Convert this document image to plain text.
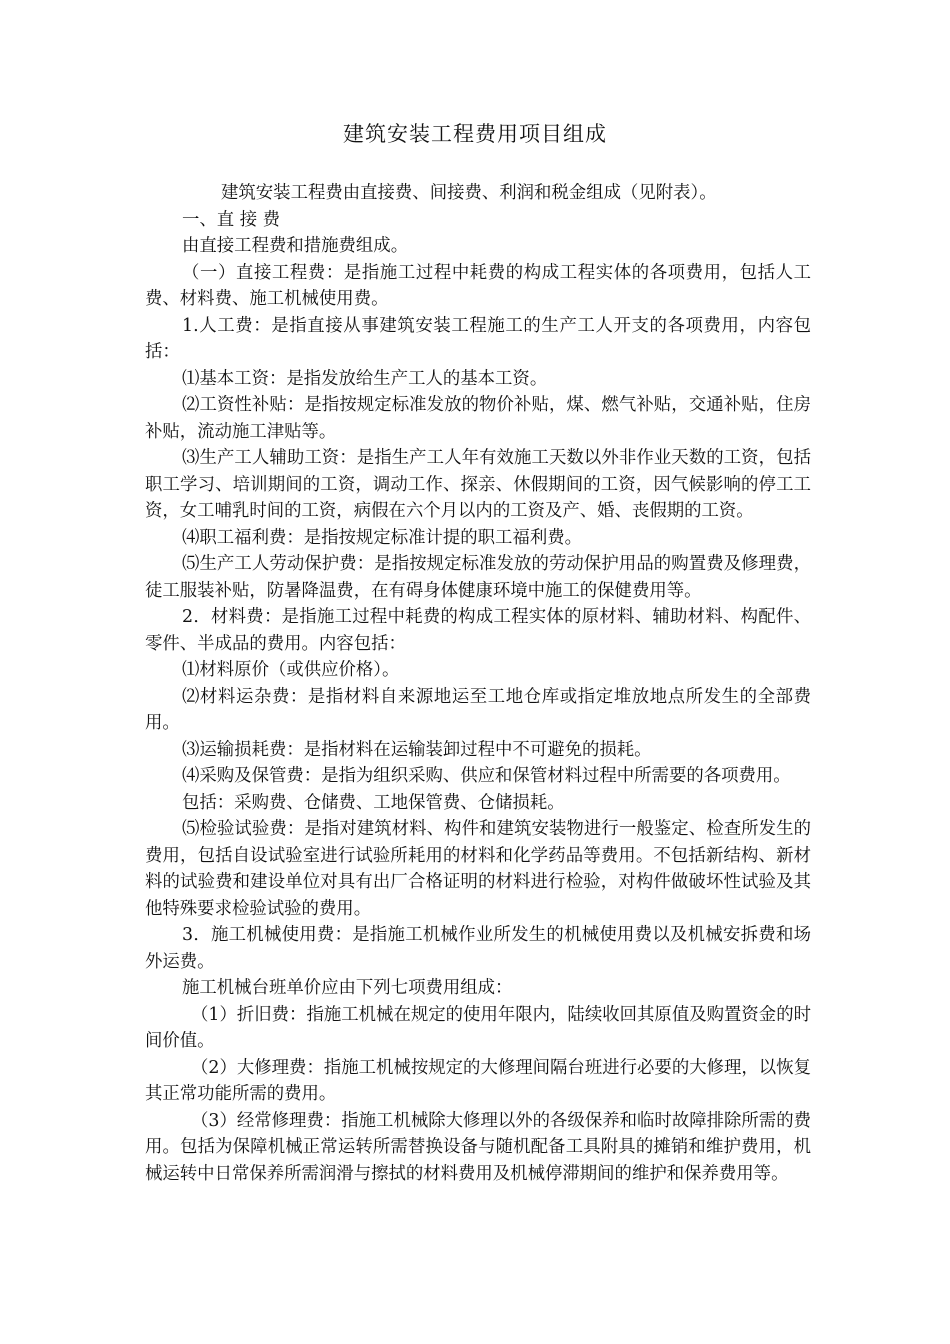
建筑安装工程费用项目组成

建筑安装工程费由直接费、间接费、利润和税金组成（见附表）。

一、直 接 费

由直接工程费和措施费组成。

（一）直接工程费：是指施工过程中耗费的构成工程实体的各项费用，包括人工费、材料费、施工机械使用费。

1.人工费：是指直接从事建筑安装工程施工的生产工人开支的各项费用，内容包括：

⑴基本工资：是指发放给生产工人的基本工资。

⑵工资性补贴：是指按规定标准发放的物价补贴，煤、燃气补贴，交通补贴，住房补贴，流动施工津贴等。

⑶生产工人辅助工资：是指生产工人年有效施工天数以外非作业天数的工资，包括职工学习、培训期间的工资，调动工作、探亲、休假期间的工资，因气候影响的停工工资，女工哺乳时间的工资，病假在六个月以内的工资及产、婚、丧假期的工资。

⑷职工福利费：是指按规定标准计提的职工福利费。

⑸生产工人劳动保护费：是指按规定标准发放的劳动保护用品的购置费及修理费，徒工服装补贴，防暑降温费，在有碍身体健康环境中施工的保健费用等。

2．材料费：是指施工过程中耗费的构成工程实体的原材料、辅助材料、构配件、零件、半成品的费用。内容包括：

⑴材料原价（或供应价格）。

⑵材料运杂费：是指材料自来源地运至工地仓库或指定堆放地点所发生的全部费用。

⑶运输损耗费：是指材料在运输装卸过程中不可避免的损耗。

⑷采购及保管费：是指为组织采购、供应和保管材料过程中所需要的各项费用。

包括：采购费、仓储费、工地保管费、仓储损耗。

⑸检验试验费：是指对建筑材料、构件和建筑安装物进行一般鉴定、检查所发生的费用，包括自设试验室进行试验所耗用的材料和化学药品等费用。不包括新结构、新材料的试验费和建设单位对具有出厂合格证明的材料进行检验，对构件做破坏性试验及其他特殊要求检验试验的费用。

3．施工机械使用费：是指施工机械作业所发生的机械使用费以及机械安拆费和场外运费。

施工机械台班单价应由下列七项费用组成：

（1）折旧费：指施工机械在规定的使用年限内，陆续收回其原值及购置资金的时间价值。

（2）大修理费：指施工机械按规定的大修理间隔台班进行必要的大修理，以恢复其正常功能所需的费用。

（3）经常修理费：指施工机械除大修理以外的各级保养和临时故障排除所需的费用。包括为保障机械正常运转所需替换设备与随机配备工具附具的摊销和维护费用，机械运转中日常保养所需润滑与擦拭的材料费用及机械停滞期间的维护和保养费用等。
